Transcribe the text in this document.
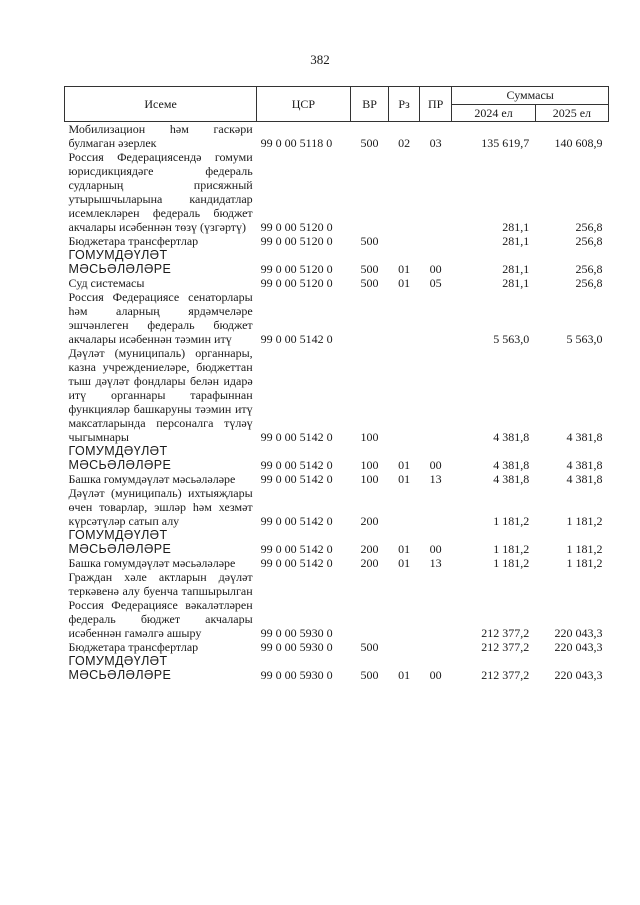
382
Исеме	ЦСР	ВР	Рз	ПР	Суммасы	
					2024 ел	2025 ел
Мобилизацион һәм гаскәри булмаган әзерлек	99 0 00 5118 0	500	02	03	135 619,7	140 608,9
Россия Федерациясендә гомуми юрисдикциядәге федераль судларның присяжный утырышчыларына кандидатлар исемлекләрен федераль бюджет акчалары исәбеннән төзү (үзгәртү)	99 0 00 5120 0				281,1	256,8
Бюджетара трансфертлар	99 0 00 5120 0	500			281,1	256,8
ГОМУМДӘҮЛӘТ МӘСЬӘЛӘЛӘРЕ	99 0 00 5120 0	500	01	00	281,1	256,8
Суд системасы	99 0 00 5120 0	500	01	05	281,1	256,8
Россия Федерациясе сенаторлары һәм аларның ярдәмчеләре эшчәнлеген федераль бюджет акчалары исәбеннән тәэмин итү	99 0 00 5142 0				5 563,0	5 563,0
Дәүләт (муниципаль) органнары, казна учреждениеләре, бюджеттан тыш дәүләт фондлары белән идарә итү органнары тарафыннан функцияләр башкаруны тәэмин итү максатларында персоналга түләү чыгымнары	99 0 00 5142 0	100			4 381,8	4 381,8
ГОМУМДӘҮЛӘТ МӘСЬӘЛӘЛӘРЕ	99 0 00 5142 0	100	01	00	4 381,8	4 381,8
Башка гомумдәүләт мәсьәләләре	99 0 00 5142 0	100	01	13	4 381,8	4 381,8
Дәүләт (муниципаль) ихтыяҗлары өчен товарлар, эшләр һәм хезмәт күрсәтүләр сатып алу	99 0 00 5142 0	200			1 181,2	1 181,2
ГОМУМДӘҮЛӘТ МӘСЬӘЛӘЛӘРЕ	99 0 00 5142 0	200	01	00	1 181,2	1 181,2
Башка гомумдәүләт мәсьәләләре	99 0 00 5142 0	200	01	13	1 181,2	1 181,2
Граждан хәле актларын дәүләт теркәвенә алу буенча тапшырылган Россия Федерациясе вәкаләтләрен федераль бюджет акчалары исәбеннән гамәлгә ашыру	99 0 00 5930 0				212 377,2	220 043,3
Бюджетара трансфертлар	99 0 00 5930 0	500			212 377,2	220 043,3
ГОМУМДӘҮЛӘТ МӘСЬӘЛӘЛӘРЕ	99 0 00 5930 0	500	01	00	212 377,2	220 043,3
